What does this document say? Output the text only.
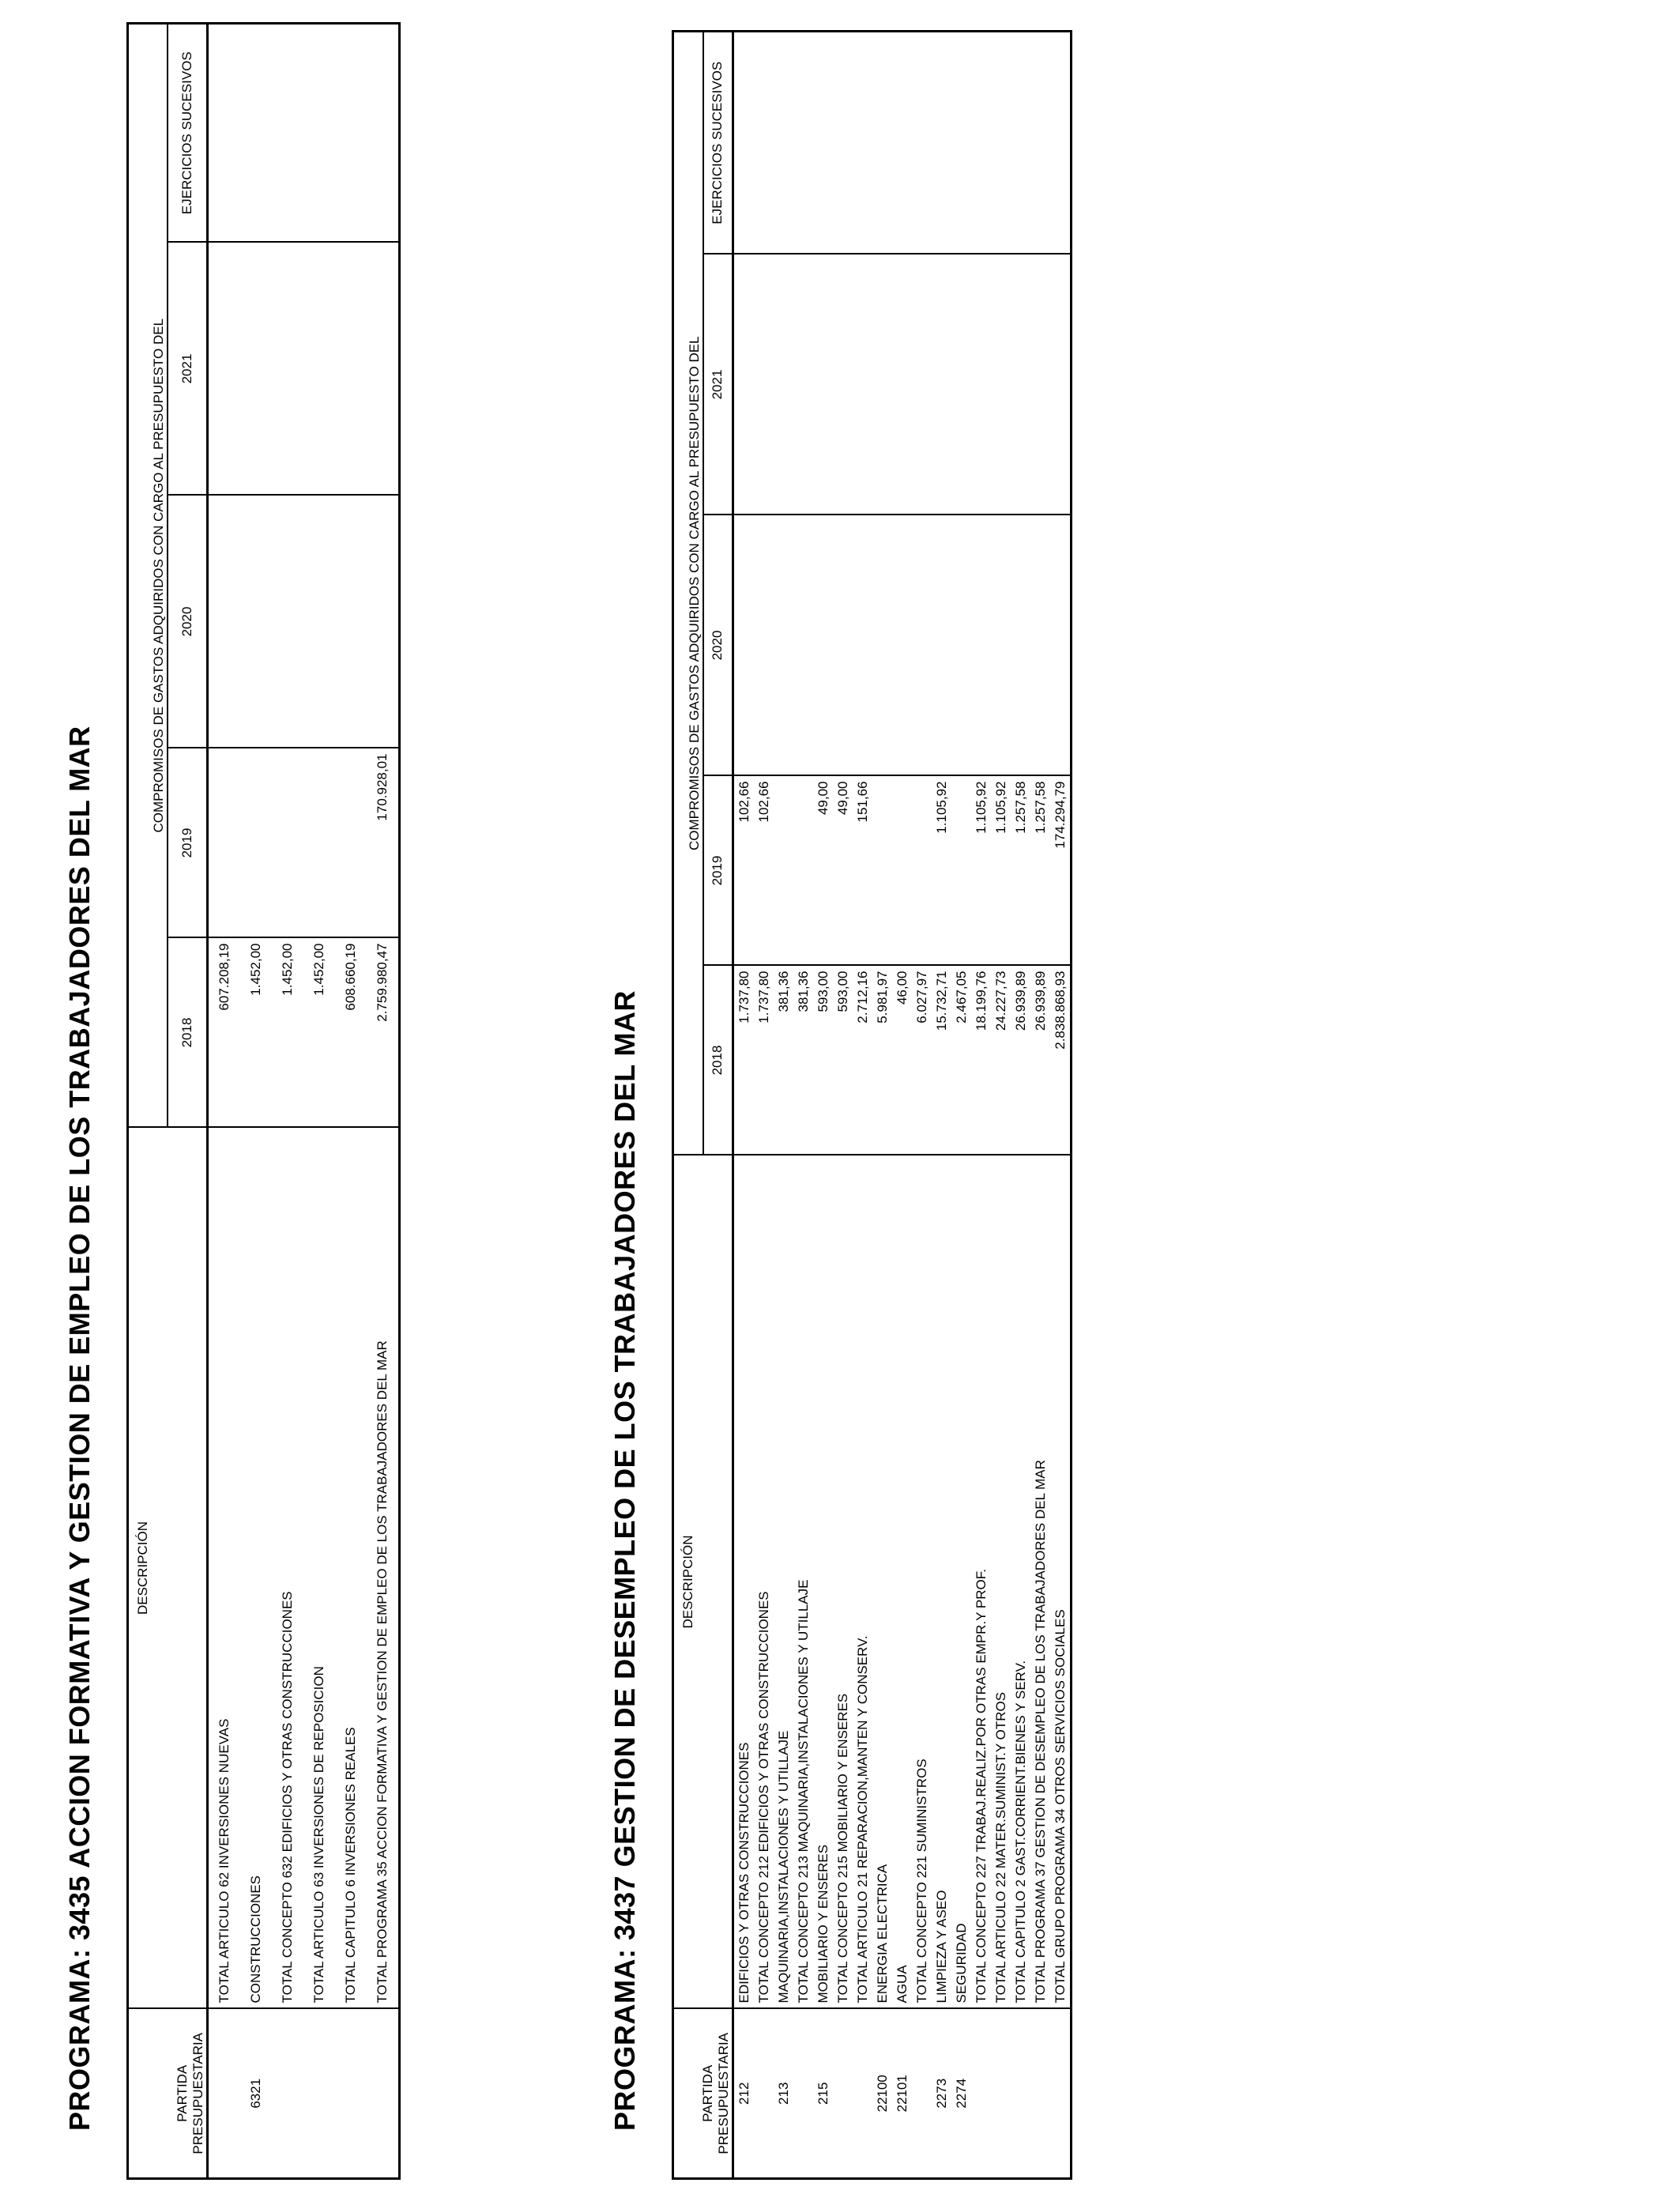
PROGRAMA: 3435 ACCION FORMATIVA Y GESTION DE EMPLEO DE LOS TRABAJADORES DEL MAR	PARTIDA PRESUPUESTARIA	DESCRIPCIÓN	COMPROMISOS DE GASTOS ADQUIRIDOS CON CARGO AL PRESUPUESTO DEL				
		2018	2019	2020	2021	EJERCICIOS SUCESIVOS
	TOTAL ARTICULO 62 INVERSIONES NUEVAS	607.208,19				
6321	CONSTRUCCIONES	1.452,00				
	TOTAL CONCEPTO 632 EDIFICIOS Y OTRAS CONSTRUCCIONES	1.452,00				
	TOTAL ARTICULO 63 INVERSIONES DE REPOSICION	1.452,00				
	TOTAL CAPITULO 6 INVERSIONES REALES	608.660,19				
	TOTAL PROGRAMA 35 ACCION FORMATIVA Y GESTION DE EMPLEO DE LOS TRABAJADORES DEL MAR	2.759.980,47	170.928,01			
PROGRAMA: 3437 GESTION DE DESEMPLEO DE LOS TRABAJADORES DEL MAR	PARTIDA PRESUPUESTARIA	DESCRIPCIÓN	COMPROMISOS DE GASTOS ADQUIRIDOS CON CARGO AL PRESUPUESTO DEL				
		2018	2019	2020	2021	EJERCICIOS SUCESIVOS
212	EDIFICIOS Y OTRAS CONSTRUCCIONES	1.737,80	102,66			
	TOTAL CONCEPTO 212 EDIFICIOS Y OTRAS CONSTRUCCIONES	1.737,80	102,66			
213	MAQUINARIA,INSTALACIONES Y UTILLAJE	381,36				
	TOTAL CONCEPTO 213 MAQUINARIA,INSTALACIONES Y UTILLAJE	381,36				
215	MOBILIARIO Y ENSERES	593,00	49,00			
	TOTAL CONCEPTO 215 MOBILIARIO Y ENSERES	593,00	49,00			
	TOTAL ARTICULO 21 REPARACION,MANTEN Y CONSERV.	2.712,16	151,66			
22100	ENERGIA ELECTRICA	5.981,97				
22101	AGUA	46,00				
	TOTAL CONCEPTO 221 SUMINISTROS	6.027,97				
2273	LIMPIEZA Y ASEO	15.732,71	1.105,92			
2274	SEGURIDAD	2.467,05				
	TOTAL CONCEPTO 227 TRABAJ.REALIZ.POR OTRAS EMPR.Y PROF.	18.199,76	1.105,92			
	TOTAL ARTICULO 22 MATER.SUMINIST.Y OTROS	24.227,73	1.105,92			
	TOTAL CAPITULO 2 GAST.CORRIENT.BIENES Y SERV.	26.939,89	1.257,58			
	TOTAL PROGRAMA 37 GESTION DE DESEMPLEO DE LOS TRABAJADORES DEL MAR	26.939,89	1.257,58			
	TOTAL GRUPO PROGRAMA 34 OTROS SERVICIOS SOCIALES	2.838.868,93	174.294,79			
